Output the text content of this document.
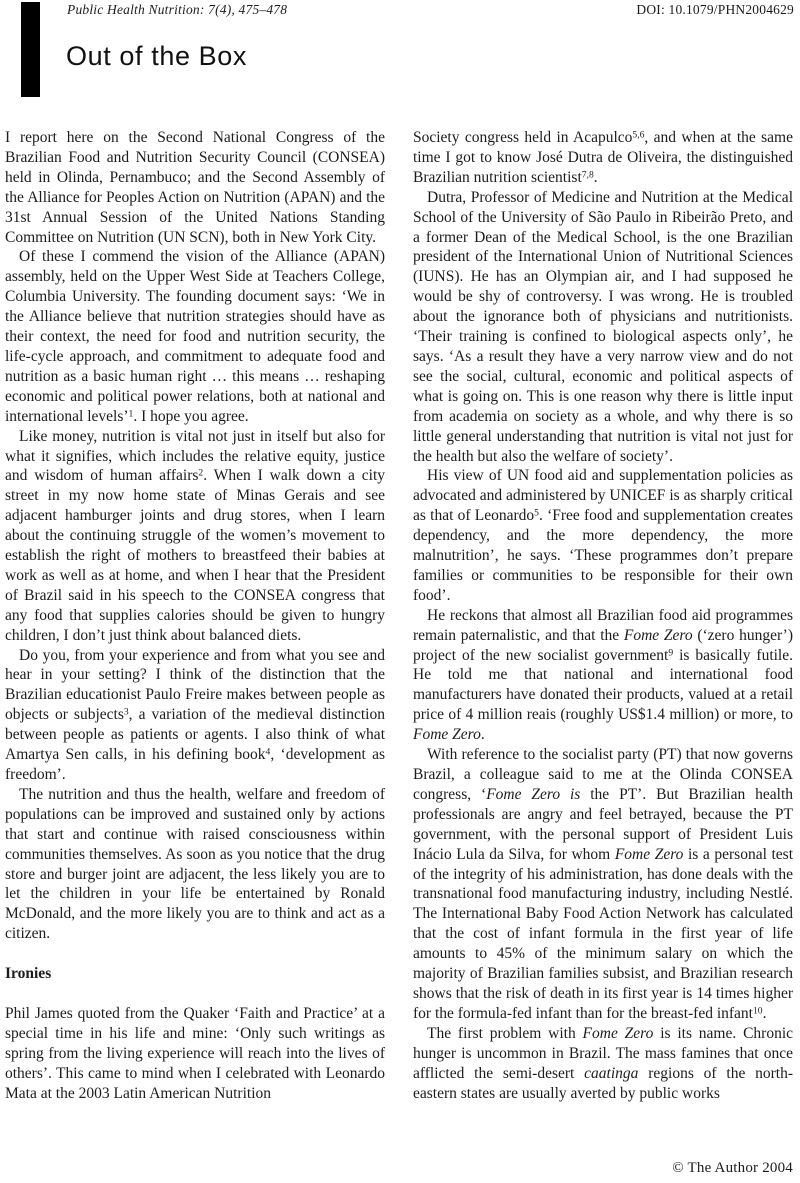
Public Health Nutrition: 7(4), 475–478	DOI: 10.1079/PHN2004629
Out of the Box

I report here on the Second National Congress of the Brazilian Food and Nutrition Security Council (CONSEA) held in Olinda, Pernambuco; and the Second Assembly of the Alliance for Peoples Action on Nutrition (APAN) and the 31st Annual Session of the United Nations Standing Committee on Nutrition (UN SCN), both in New York City.

Of these I commend the vision of the Alliance (APAN) assembly, held on the Upper West Side at Teachers College, Columbia University. The founding document says: ‘We in the Alliance believe that nutrition strategies should have as their context, the need for food and nutrition security, the life-cycle approach, and commitment to adequate food and nutrition as a basic human right … this means … reshaping economic and political power relations, both at national and international levels’$^1$. I hope you agree.

Like money, nutrition is vital not just in itself but also for what it signifies, which includes the relative equity, justice and wisdom of human affairs$^2$. When I walk down a city street in my now home state of Minas Gerais and see adjacent hamburger joints and drug stores, when I learn about the continuing struggle of the women’s movement to establish the right of mothers to breastfeed their babies at work as well as at home, and when I hear that the President of Brazil said in his speech to the CONSEA congress that any food that supplies calories should be given to hungry children, I don’t just think about balanced diets.

Do you, from your experience and from what you see and hear in your setting? I think of the distinction that the Brazilian educationist Paulo Freire makes between people as objects or subjects$^3$, a variation of the medieval distinction between people as patients or agents. I also think of what Amartya Sen calls, in his defining book$^4$, ‘development as freedom’.

The nutrition and thus the health, welfare and freedom of populations can be improved and sustained only by actions that start and continue with raised consciousness within communities themselves. As soon as you notice that the drug store and burger joint are adjacent, the less likely you are to let the children in your life be entertained by Ronald McDonald, and the more likely you are to think and act as a citizen.

Ironies

Phil James quoted from the Quaker ‘Faith and Practice’ at a special time in his life and mine: ‘Only such writings as spring from the living experience will reach into the lives of others’. This came to mind when I celebrated with Leonardo Mata at the 2003 Latin American Nutrition

Society congress held in Acapulco$^{5,6}$, and when at the same time I got to know José Dutra de Oliveira, the distinguished Brazilian nutrition scientist$^{7,8}$.

Dutra, Professor of Medicine and Nutrition at the Medical School of the University of São Paulo in Ribeirão Preto, and a former Dean of the Medical School, is the one Brazilian president of the International Union of Nutritional Sciences (IUNS). He has an Olympian air, and I had supposed he would be shy of controversy. I was wrong. He is troubled about the ignorance both of physicians and nutritionists. ‘Their training is confined to biological aspects only’, he says. ‘As a result they have a very narrow view and do not see the social, cultural, economic and political aspects of what is going on. This is one reason why there is little input from academia on society as a whole, and why there is so little general understanding that nutrition is vital not just for the health but also the welfare of society’.

His view of UN food aid and supplementation policies as advocated and administered by UNICEF is as sharply critical as that of Leonardo$^5$. ‘Free food and supplementation creates dependency, and the more dependency, the more malnutrition’, he says. ‘These programmes don’t prepare families or communities to be responsible for their own food’.

He reckons that almost all Brazilian food aid programmes remain paternalistic, and that the Fome Zero (‘zero hunger’) project of the new socialist government$^9$ is basically futile. He told me that national and international food manufacturers have donated their products, valued at a retail price of 4 million reais (roughly US$1.4 million) or more, to Fome Zero.

With reference to the socialist party (PT) that now governs Brazil, a colleague said to me at the Olinda CONSEA congress, ‘Fome Zero is the PT’. But Brazilian health professionals are angry and feel betrayed, because the PT government, with the personal support of President Luis Inácio Lula da Silva, for whom Fome Zero is a personal test of the integrity of his administration, has done deals with the transnational food manufacturing industry, including Nestlé. The International Baby Food Action Network has calculated that the cost of infant formula in the first year of life amounts to 45% of the minimum salary on which the majority of Brazilian families subsist, and Brazilian research shows that the risk of death in its first year is 14 times higher for the formula-fed infant than for the breast-fed infant$^{10}$.

The first problem with Fome Zero is its name. Chronic hunger is uncommon in Brazil. The mass famines that once afflicted the semi-desert caatinga regions of the north-eastern states are usually averted by public works

© The Author 2004
